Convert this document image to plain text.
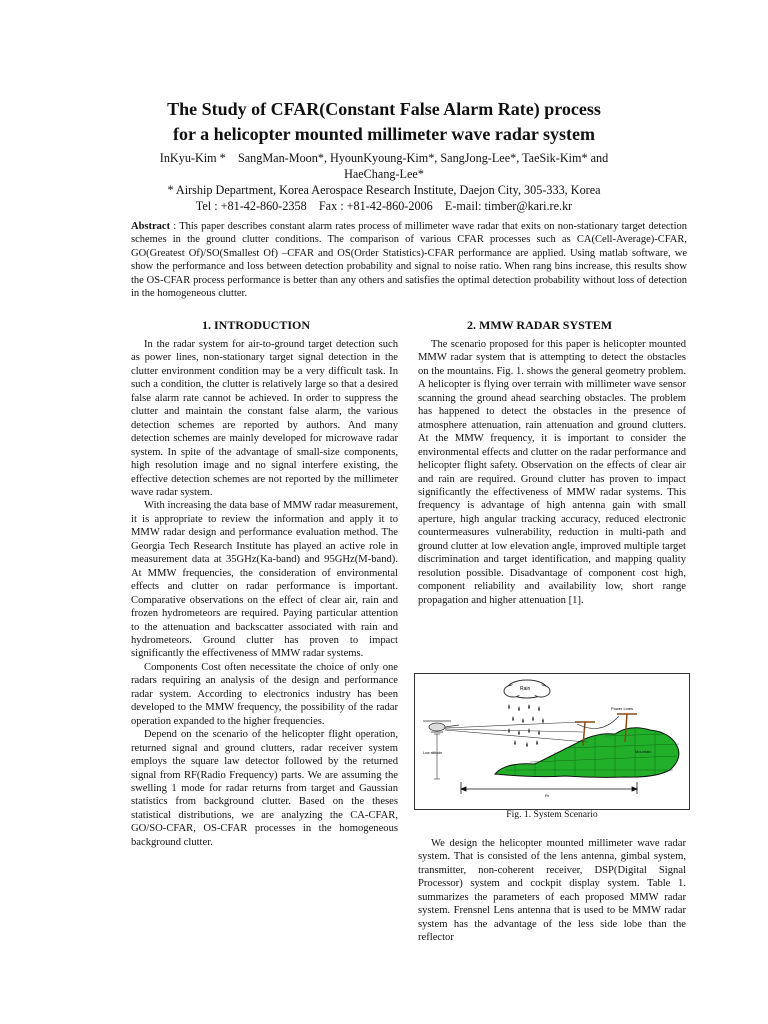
The Study of CFAR(Constant False Alarm Rate) process
for a helicopter mounted millimeter wave radar system
InKyu-Kim *    SangMan-Moon*, HyounKyoung-Kim*, SangJong-Lee*, TaeSik-Kim* and
HaeChang-Lee*
* Airship Department, Korea Aerospace Research Institute, Daejon City, 305-333, Korea
Tel : +81-42-860-2358    Fax : +81-42-860-2006    E-mail: timber@kari.re.kr
Abstract : This paper describes constant alarm rates process of millimeter wave radar that exits on non-stationary target detection schemes in the ground clutter conditions. The comparison of various CFAR processes such as CA(Cell-Average)-CFAR, GO(Greatest Of)/SO(Smallest Of) –CFAR and OS(Order Statistics)-CFAR performance are applied. Using matlab software, we show the performance and loss between detection probability and signal to noise ratio. When rang bins increase, this results show the OS-CFAR process performance is better than any others and satisfies the optimal detection probability without loss of detection in the homogeneous clutter.
1. INTRODUCTION	2. MMW RADAR SYSTEM

In the radar system for air-to-ground target detection such as power lines, non-stationary target signal detection in the clutter environment condition may be a very difficult task. In such a condition, the clutter is relatively large so that a desired false alarm rate cannot be achieved. In order to suppress the clutter and maintain the constant false alarm, the various detection schemes are reported by authors. And many detection schemes are mainly developed for microwave radar system. In spite of the advantage of small-size components, high resolution image and no signal interfere existing, the effective detection schemes are not reported by the millimeter wave radar system.

With increasing the data base of MMW radar measurement, it is appropriate to review the information and apply it to MMW radar design and performance evaluation method. The Georgia Tech Research Institute has played an active role in measurement data at 35GHz(Ka-band) and 95GHz(M-band). At MMW frequencies, the consideration of environmental effects and clutter on radar performance is important. Comparative observations on the effect of clear air, rain and frozen hydrometeors are required. Paying particular attention to the attenuation and backscatter associated with rain and hydrometeors. Ground clutter has proven to impact significantly the effectiveness of MMW radar systems.

Components Cost often necessitate the choice of only one radars requiring an analysis of the design and performance radar system. According to electronics industry has been developed to the MMW frequency, the possibility of the radar operation expanded to the higher frequencies.

Depend on the scenario of the helicopter flight operation, returned signal and ground clutters, radar receiver system employs the square law detector followed by the returned signal from RF(Radio Frequency) parts. We are assuming the swelling 1 mode for radar returns from target and Gaussian statistics from background clutter. Based on the theses statistical distributions, we are analyzing the CA-CFAR, GO/SO-CFAR, OS-CFAR processes in the homogeneous background clutter.

The scenario proposed for this paper is helicopter mounted MMW radar system that is attempting to detect the obstacles on the mountains. Fig. 1. shows the general geometry problem. A helicopter is flying over terrain with millimeter wave sensor scanning the ground ahead searching obstacles. The problem has happened to detect the obstacles in the presence of atmosphere attenuation, rain attenuation and ground clutters. At the MMW frequency, it is important to consider the environmental effects and clutter on the radar performance and helicopter flight safety. Observation on the effects of clear air and rain are required. Ground clutter has proven to impact significantly the effectiveness of MMW radar systems. This frequency is advantage of high antenna gain with small aperture, high angular tracking accuracy, reduced electronic countermeasures vulnerability, reduction in multi-path and ground clutter at low elevation angle, improved multiple target discrimination and target identification, and mapping quality resolution possible. Disadvantage of component cost high, component reliability and availability low, short range propagation and higher attenuation [1].

Rain
Mountain
Power Lines
Low altitude
Rr
Fig. 1. System Scenario

We design the helicopter mounted millimeter wave radar system. That is consisted of the lens antenna, gimbal system, transmitter, non-coherent receiver, DSP(Digital Signal Processor) system and cockpit display system. Table 1. summarizes the parameters of each proposed MMW radar system. Frensnel Lens antenna that is used to be MMW radar system has the advantage of the less side lobe than the reflector
